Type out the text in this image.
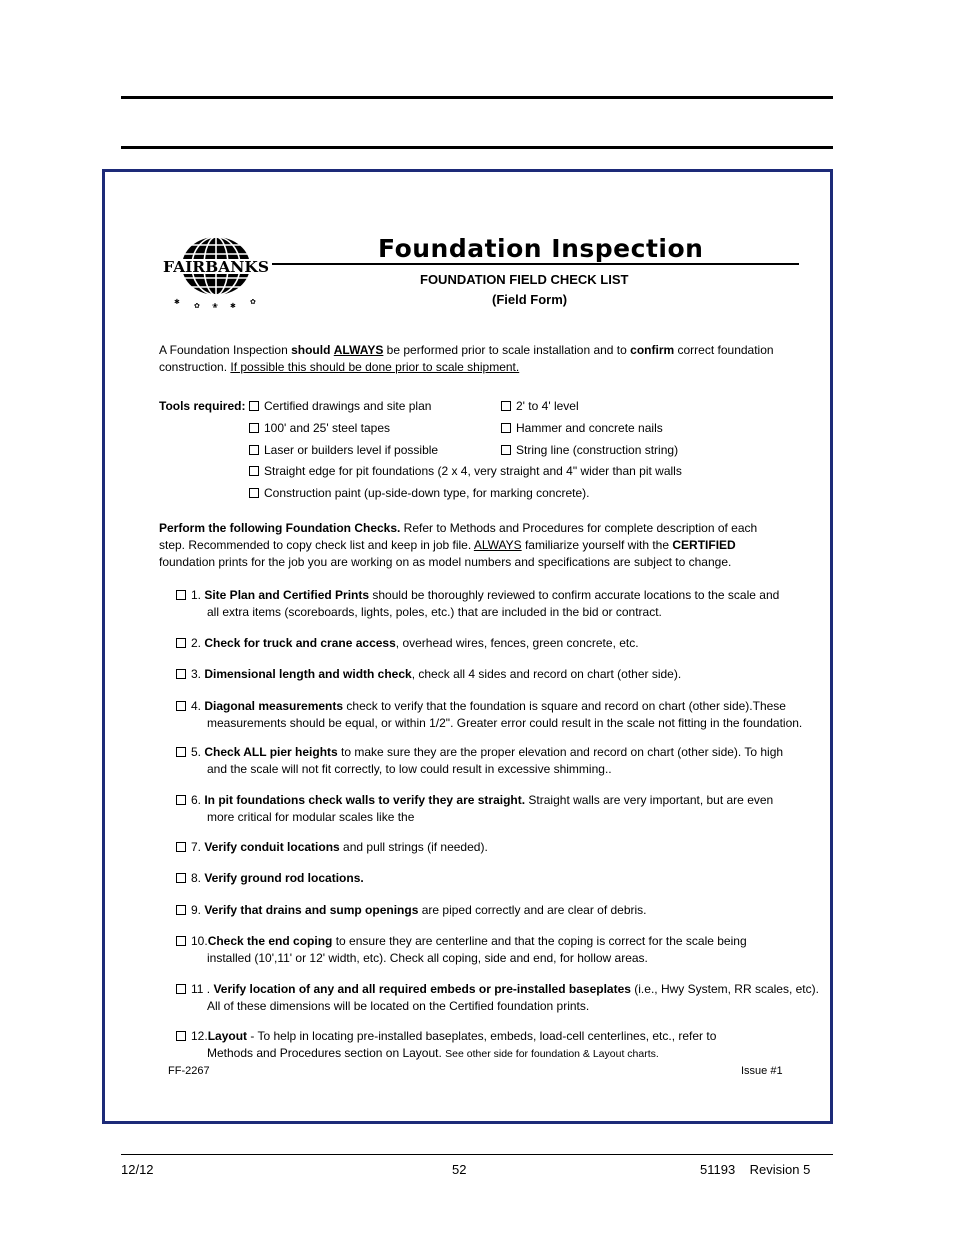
FAIRBANKS
✱ ✿ ❀ ✱ ✿
Foundation Inspection
FOUNDATION FIELD CHECK LIST
(Field Form)
A Foundation Inspection should ALWAYS be performed prior to scale installation and to confirm correct foundation
construction. If possible this should be done prior to scale shipment.
Tools required:	Certified drawings and site plan	2' to 4' level
100' and 25' steel tapes	Hammer and concrete nails
Laser or builders level if possible	String line (construction string)
Straight edge for pit foundations (2 x 4, very straight and 4" wider than pit walls
Construction paint (up-side-down type, for marking concrete).
Perform the following Foundation Checks. Refer to Methods and Procedures for complete description of each
step. Recommended to copy check list and keep in job file. ALWAYS familiarize yourself with the CERTIFIED
foundation prints for the job you are working on as model numbers and specifications are subject to change.
1. Site Plan and Certified Prints should be thoroughly reviewed to confirm accurate locations to the scale and
all extra items (scoreboards, lights, poles, etc.) that are included in the bid or contract.
2. Check for truck and crane access, overhead wires, fences, green concrete, etc.
3. Dimensional length and width check, check all 4 sides and record on chart (other side).
4. Diagonal measurements check to verify that the foundation is square and record on chart (other side).These
measurements should be equal, or within 1/2". Greater error could result in the scale not fitting in the foundation.
5. Check ALL pier heights to make sure they are the proper elevation and record on chart (other side). To high
and the scale will not fit correctly, to low could result in excessive shimming..
6. In pit foundations check walls to verify they are straight. Straight walls are very important, but are even
more critical for modular scales like the
7. Verify conduit locations and pull strings (if needed).
8. Verify ground rod locations.
9. Verify that drains and sump openings are piped correctly and are clear of debris.
10.Check the end coping to ensure they are centerline and that the coping is correct for the scale being
installed (10',11' or 12' width, etc). Check all coping, side and end, for hollow areas.
11 . Verify location of any and all required embeds or pre-installed baseplates (i.e., Hwy System, RR scales, etc).
All of these dimensions will be located on the Certified foundation prints.
12.Layout - To help in locating pre-installed baseplates, embeds, load-cell centerlines, etc., refer to
Methods and Procedures section on Layout. See other side for foundation & Layout charts.
FF-2267	Issue #1
12/12	52	51193 Revision 5
